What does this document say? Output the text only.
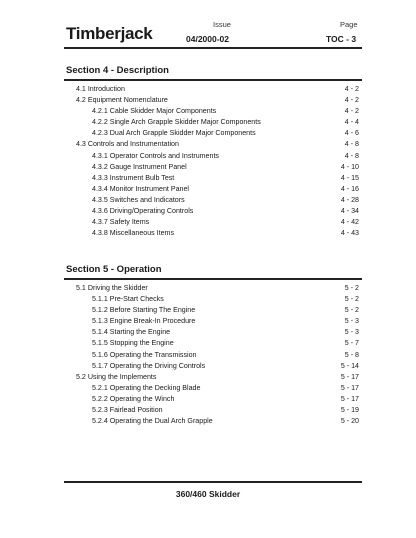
Timberjack	Issue
04/2000-02
Page
TOC - 3
Section 4 - Description
4.1 Introduction	4 - 2
4.2 Equipment Nomenclature	4 - 2
4.2.1 Cable Skidder Major Components	4 - 2
4.2.2 Single Arch Grapple Skidder Major Components	4 - 4
4.2.3 Dual Arch Grapple Skidder Major Components	4 - 6
4.3 Controls and Instrumentation	4 - 8
4.3.1 Operator Controls and Instruments	4 - 8
4.3.2 Gauge Instrument Panel	4 - 10
4.3.3 Instrument Bulb Test	4 - 15
4.3.4 Monitor Instrument Panel	4 - 16
4.3.5 Switches and Indicators	4 - 28
4.3.6 Driving/Operating Controls	4 - 34
4.3.7 Safety Items	4 - 42
4.3.8 Miscellaneous Items	4 - 43
Section 5 - Operation
5.1 Driving the Skidder	5 - 2
5.1.1 Pre-Start Checks	5 - 2
5.1.2 Before Starting The Engine	5 - 2
5.1.3 Engine Break-In Procedure	5 - 3
5.1.4 Starting the Engine	5 - 3
5.1.5 Stopping the Engine	5 - 7
5.1.6 Operating the Transmission	5 - 8
5.1.7 Operating the Driving Controls	5 - 14
5.2 Using the Implements	5 - 17
5.2.1 Operating the Decking Blade	5 - 17
5.2.2 Operating the Winch	5 - 17
5.2.3 Fairlead Position	5 - 19
5.2.4 Operating the Dual Arch Grapple	5 - 20
360/460 Skidder
